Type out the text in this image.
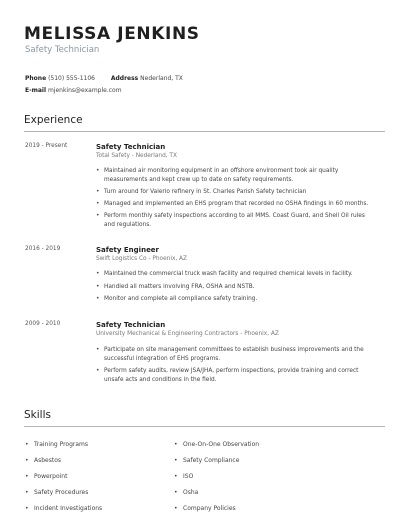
MELISSA JENKINS
Safety Technician
Phone (510) 555-1106	Address Nederland, TX
E-mail mjenkins@example.com
Experience
2019 - Present	Safety Technician
Total Safety - Nederland, TX
• Maintained air monitoring equipment in an offshore environment took air quality measurements and kept crew up to date on safety requirements.
• Turn around for Valerio refinery in St. Charles Parish Safety technician
• Managed and implemented an EHS program that recorded no OSHA findings in 60 months.
• Perform monthly safety inspections according to all MMS. Coast Guard, and Shell Oil rules and regulations.
2016 - 2019	Safety Engineer
Swift Logistics Co - Phoenix, AZ
• Maintained the commercial truck wash facility and required chemical levels in facility.
• Handled all matters involving FRA, OSHA and NSTB.
• Monitor and complete all compliance safety training.
2009 - 2010	Safety Technician
University Mechanical & Engineering Contractors - Phoenix, AZ
• Participate on site management committees to establish business improvements and the successful integration of EHS programs.
• Perform safety audits, review JSA/JHA, perform inspections, provide training and correct unsafe acts and conditions in the field.
Skills
• Training Programs	• One-On-One Observation
• Asbestos	• Safety Compliance
• Powerpoint	• ISO
• Safety Procedures	• Osha
• Incident Investigations	• Company Policies
